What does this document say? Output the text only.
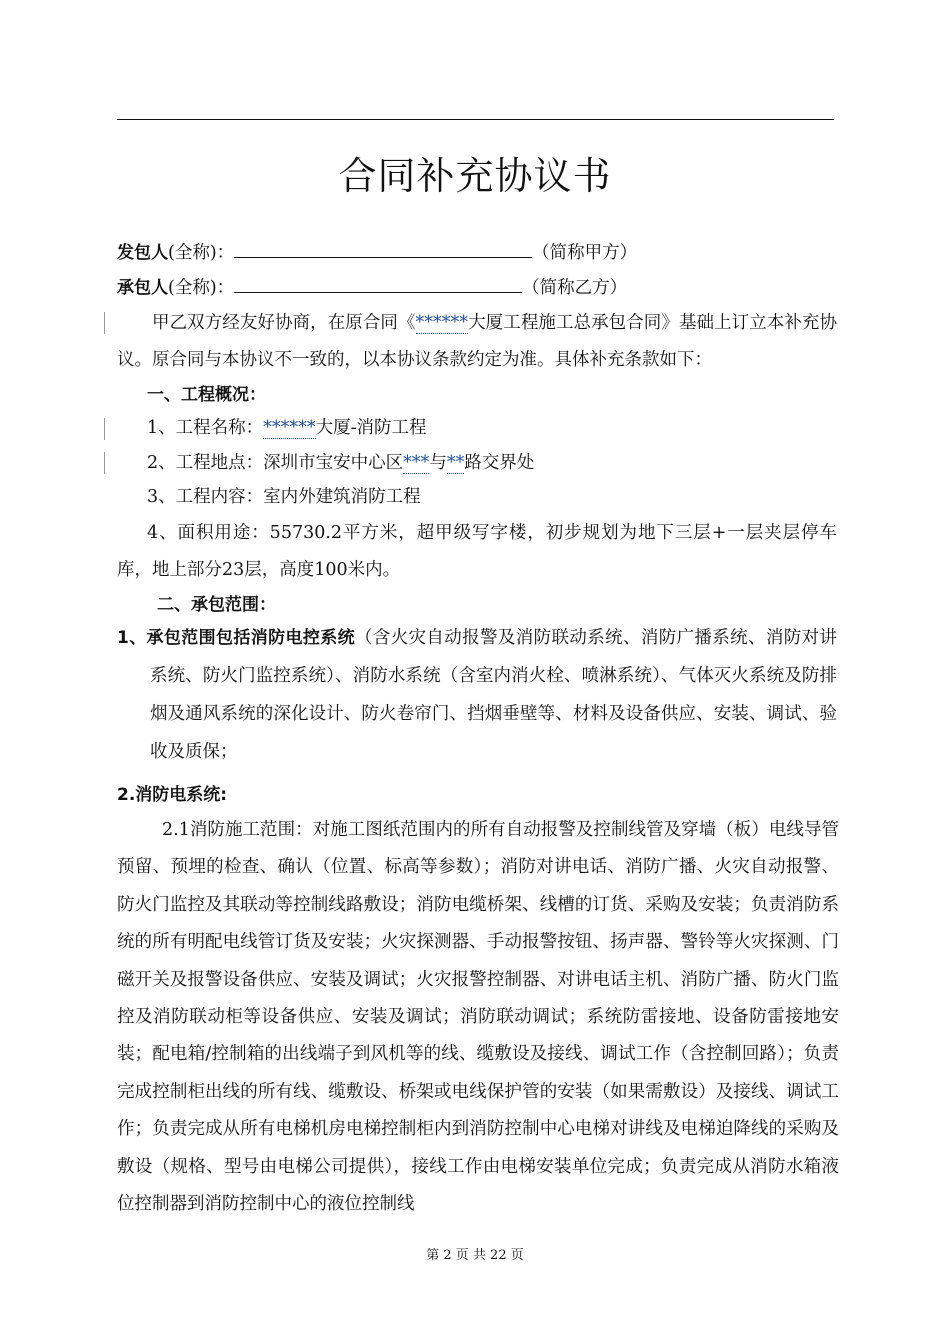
合同补充协议书
发包人(全称)：	（简称甲方）
承包人(全称)：	（简称乙方）
甲乙双方经友好协商，在原合同《******大厦工程施工总承包合同》基础上订立本补充协议。原合同与本协议不一致的，以本协议条款约定为准。具体补充条款如下：
一、工程概况：
1、工程名称：******大厦-消防工程
2、工程地点：深圳市宝安中心区***与**路交界处
3、工程内容：室内外建筑消防工程
4、面积用途：55730.2平方米，超甲级写字楼，初步规划为地下三层+一层夹层停车库，地上部分23层，高度100米内。
二、承包范围：
1、承包范围包括消防电控系统（含火灾自动报警及消防联动系统、消防广播系统、消防对讲系统、防火门监控系统）、消防水系统（含室内消火栓、喷淋系统）、气体灭火系统及防排烟及通风系统的深化设计、防火卷帘门、挡烟垂壁等、材料及设备供应、安装、调试、验收及质保；
2.消防电系统:
2.1消防施工范围：对施工图纸范围内的所有自动报警及控制线管及穿墙（板）电线导管预留、预埋的检查、确认（位置、标高等参数）；消防对讲电话、消防广播、火灾自动报警、防火门监控及其联动等控制线路敷设；消防电缆桥架、线槽的订货、采购及安装；负责消防系统的所有明配电线管订货及安装；火灾探测器、手动报警按钮、扬声器、警铃等火灾探测、门磁开关及报警设备供应、安装及调试；火灾报警控制器、对讲电话主机、消防广播、防火门监控及消防联动柜等设备供应、安装及调试；消防联动调试；系统防雷接地、设备防雷接地安装；配电箱/控制箱的出线端子到风机等的线、缆敷设及接线、调试工作（含控制回路）；负责完成控制柜出线的所有线、缆敷设、桥架或电线保护管的安装（如果需敷设）及接线、调试工作；负责完成从所有电梯机房电梯控制柜内到消防控制中心电梯对讲线及电梯迫降线的采购及敷设（规格、型号由电梯公司提供），接线工作由电梯安装单位完成；负责完成从消防水箱液位控制器到消防控制中心的液位控制线
第 2 页 共 22 页
